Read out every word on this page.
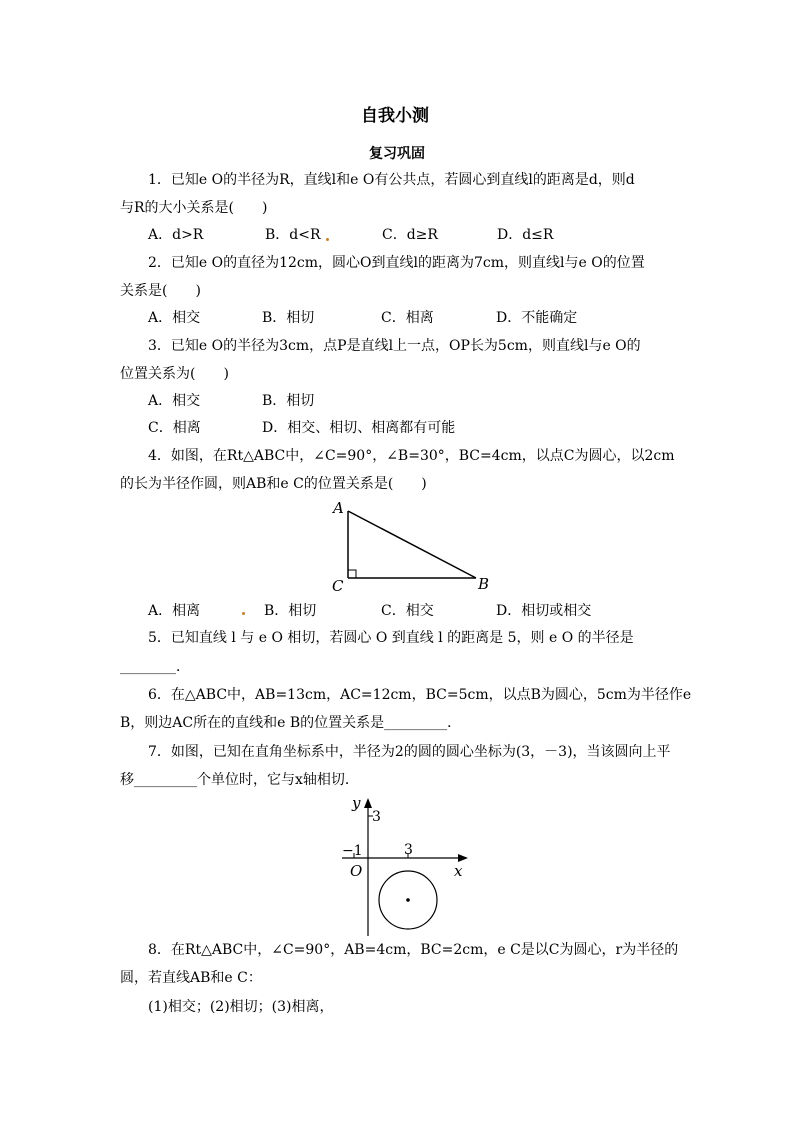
自我小测
复习巩固
1．已知e O的半径为R，直线l和e O有公共点，若圆心到直线l的距离是d，则d
与R的大小关系是(　　)
A．d>R	B．d<R	C．d≥R	D．d≤R
2．已知e O的直径为12cm，圆心O到直线l的距离为7cm，则直线l与e O的位置
关系是(　　)
A．相交	B．相切	C．相离	D．不能确定
3．已知e O的半径为3cm，点P是直线l上一点，OP长为5cm，则直线l与e O的
位置关系为(　　)
A．相交	B．相切
C．相离	D．相交、相切、相离都有可能
4．如图，在Rt△ABC中，∠C=90°，∠B=30°，BC=4cm，以点C为圆心，以2cm
的长为半径作圆，则AB和e C的位置关系是(　　)
A
C	B
A．相离	B．相切	C．相交	D．相切或相交
5．已知直线 l 与 e O 相切，若圆心 O 到直线 l 的距离是 5，则 e O 的半径是
________．
6．在△ABC中，AB=13cm，AC=12cm，BC=5cm，以点B为圆心，5cm为半径作e
B，则边AC所在的直线和e B的位置关系是_________．
7．如图，已知在直角坐标系中，半径为2的圆的圆心坐标为(3，－3)，当该圆向上平
移_________个单位时，它与x轴相切．
y
3
−1	3
O	x
8．在Rt△ABC中，∠C=90°，AB=4cm，BC=2cm，e C是以C为圆心，r为半径的
圆，若直线AB和e C：
(1)相交；(2)相切；(3)相离，
